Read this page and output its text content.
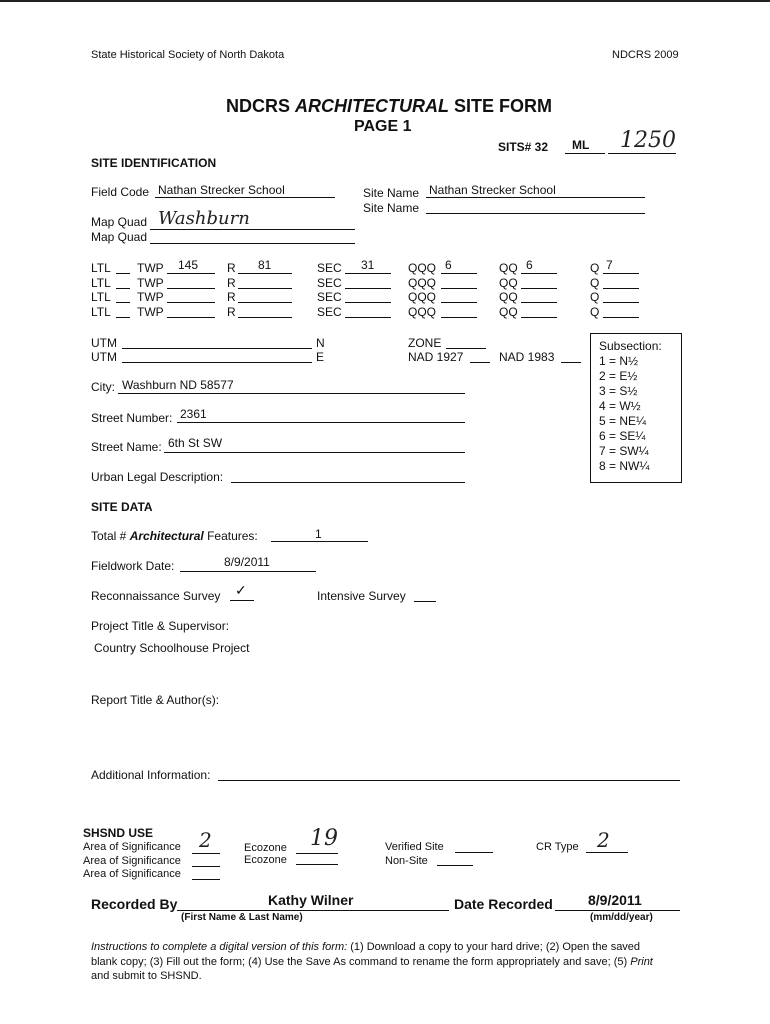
State Historical Society of North Dakota	NDCRS 2009
NDCRS ARCHITECTURAL SITE FORM
PAGE 1
SITS# 32 ML 1250
SITE IDENTIFICATION
Field Code Nathan Strecker School	Site Name Nathan Strecker School
Site Name
Map Quad Washburn
Map Quad
LTL TWP 145 R 81	SEC 31	QQQ 6	QQ 6	Q 7
LTL TWP	R	SEC	QQQ	QQ	Q
LTL TWP	R	SEC	QQQ	QQ	Q
LTL TWP	R	SEC	QQQ	QQ	Q
UTM	N
UTM	E
ZONE
NAD 1927	NAD 1983
Subsection:
1 = N½
2 = E½
3 = S½
4 = W½
5 = NE¼
6 = SE¼
7 = SW¼
8 = NW¼
City: Washburn ND 58577
Street Number: 2361
Street Name: 6th St SW
Urban Legal Description:
SITE DATA
Total # Architectural Features:	1
Fieldwork Date:	8/9/2011
Reconnaissance Survey ✓	Intensive Survey
Project Title & Supervisor:
Country Schoolhouse Project
Report Title & Author(s):
Additional Information:
SHSND USE
Area of Significance 2
Area of Significance
Area of Significance
Ecozone 19
Ecozone
Verified Site
Non-Site
CR Type 2
Recorded By	Kathy Wilner
(First Name & Last Name)
Date Recorded	8/9/2011
(mm/dd/year)
Instructions to complete a digital version of this form: (1) Download a copy to your hard drive; (2) Open the saved
blank copy; (3) Fill out the form; (4) Use the Save As command to rename the form appropriately and save; (5) Print
and submit to SHSND.
